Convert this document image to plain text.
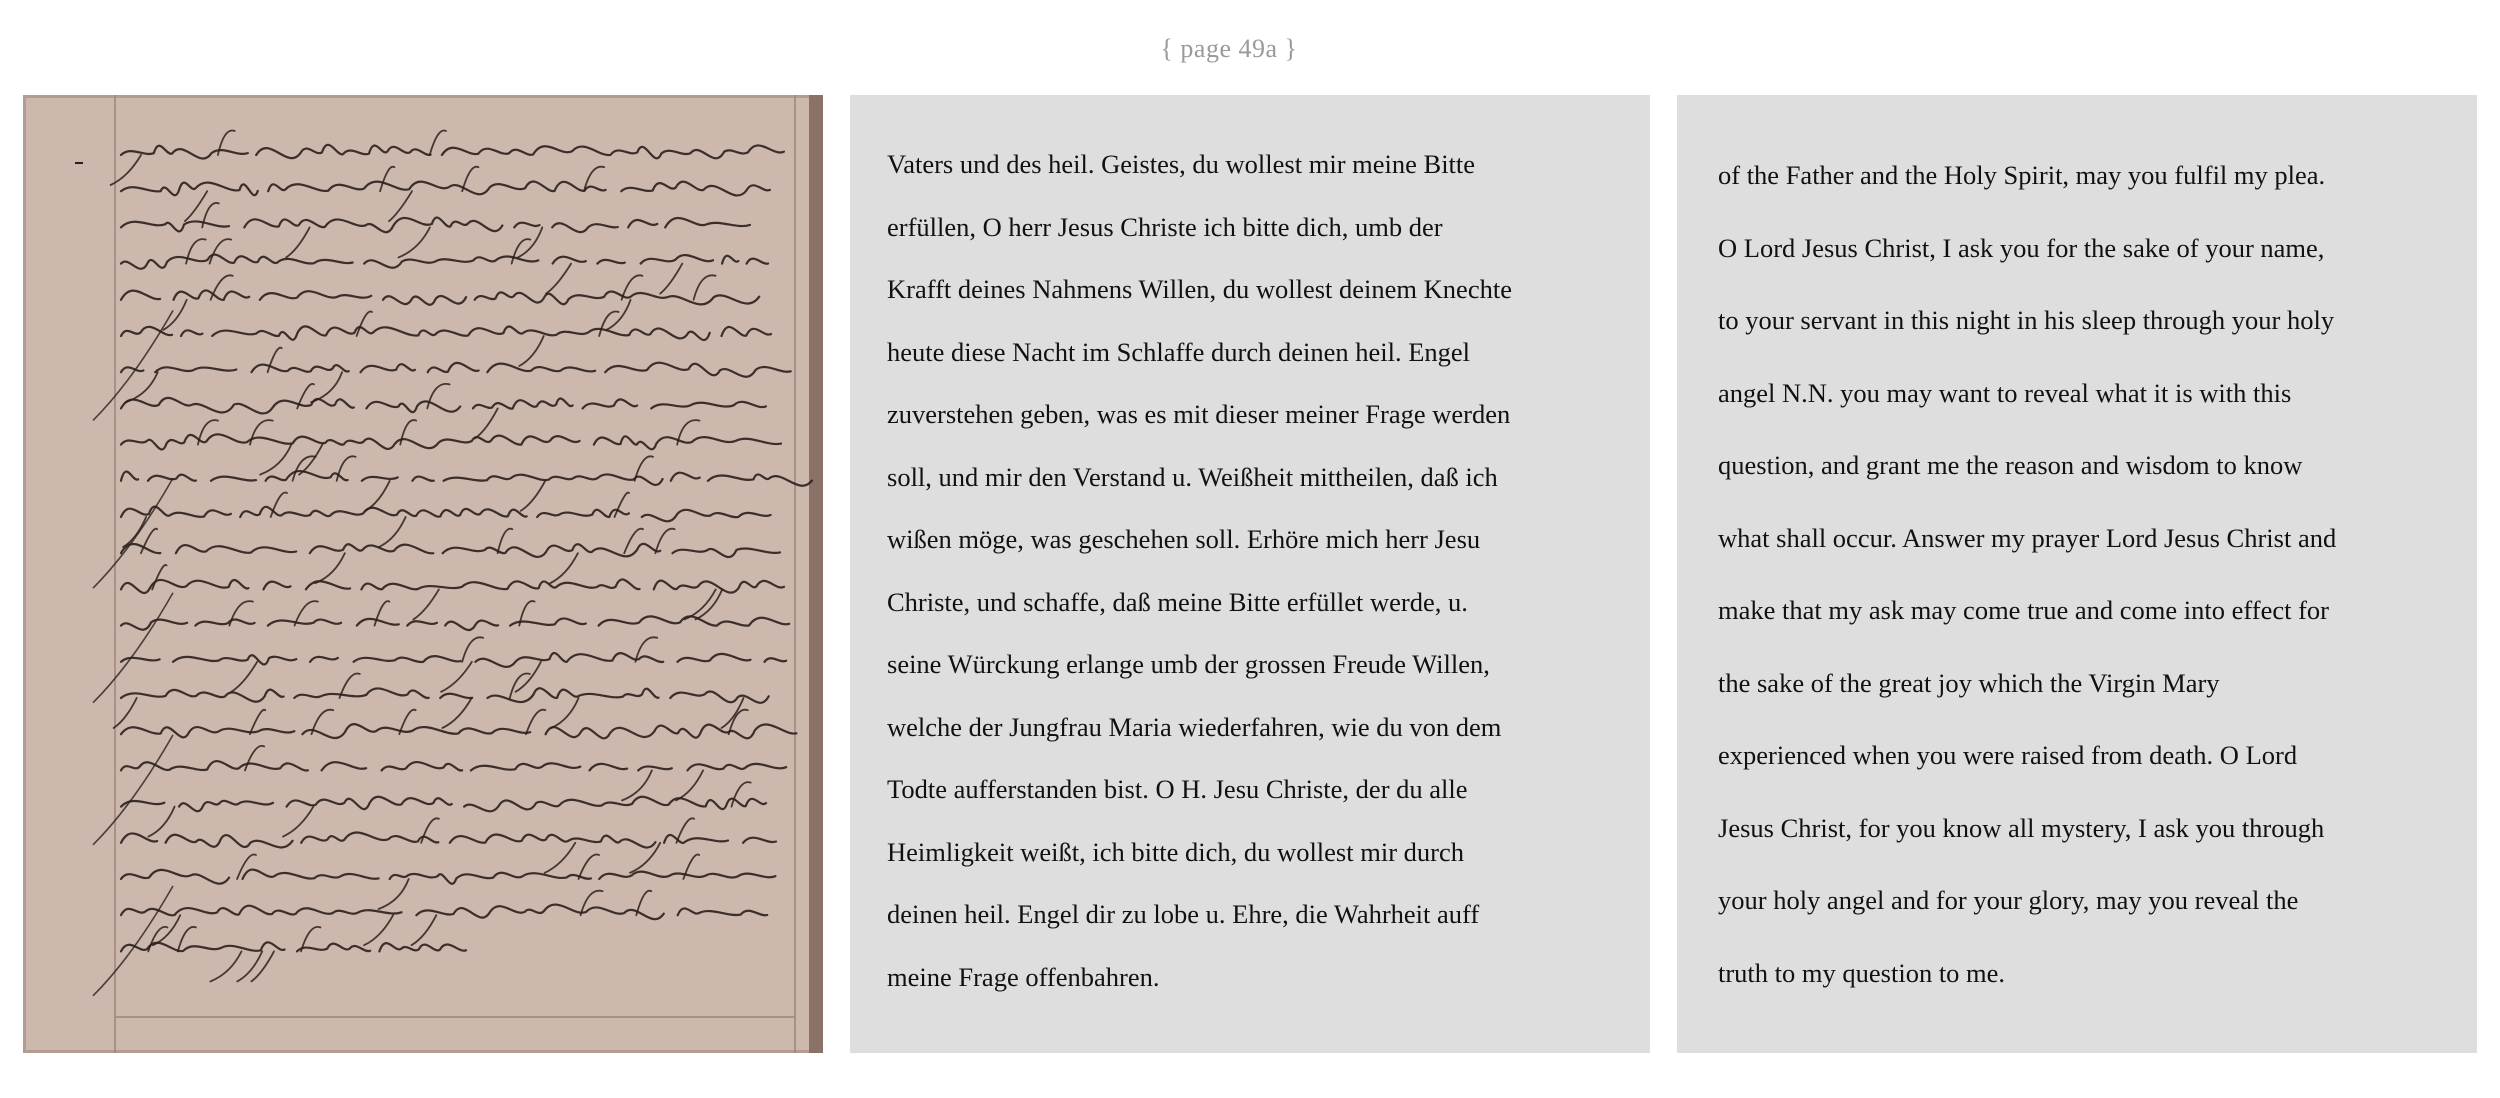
{ page 49a }
Vaters und des heil. Geistes, du wollest mir meine Bitte
erfüllen, O herr Jesus Christe ich bitte dich, umb der
Krafft deines Nahmens Willen, du wollest deinem Knechte
heute diese Nacht im Schlaffe durch deinen heil. Engel
zuverstehen geben, was es mit dieser meiner Frage werden
soll, und mir den Verstand u. Weißheit mittheilen, daß ich
wißen möge, was geschehen soll. Erhöre mich herr Jesu
Christe, und schaffe, daß meine Bitte erfüllet werde, u.
seine Würckung erlange umb der grossen Freude Willen,
welche der Jungfrau Maria wiederfahren, wie du von dem
Todte aufferstanden bist. O H. Jesu Christe, der du alle
Heimligkeit weißt, ich bitte dich, du wollest mir durch
deinen heil. Engel dir zu lobe u. Ehre, die Wahrheit auff
meine Frage offenbahren.
of the Father and the Holy Spirit, may you fulfil my plea.
O Lord Jesus Christ, I ask you for the sake of your name,
to your servant in this night in his sleep through your holy
angel N.N. you may want to reveal what it is with this
question, and grant me the reason and wisdom to know
what shall occur. Answer my prayer Lord Jesus Christ and
make that my ask may come true and come into effect for
the sake of the great joy which the Virgin Mary
experienced when you were raised from death. O Lord
Jesus Christ, for you know all mystery, I ask you through
your holy angel and for your glory, may you reveal the
truth to my question to me.
